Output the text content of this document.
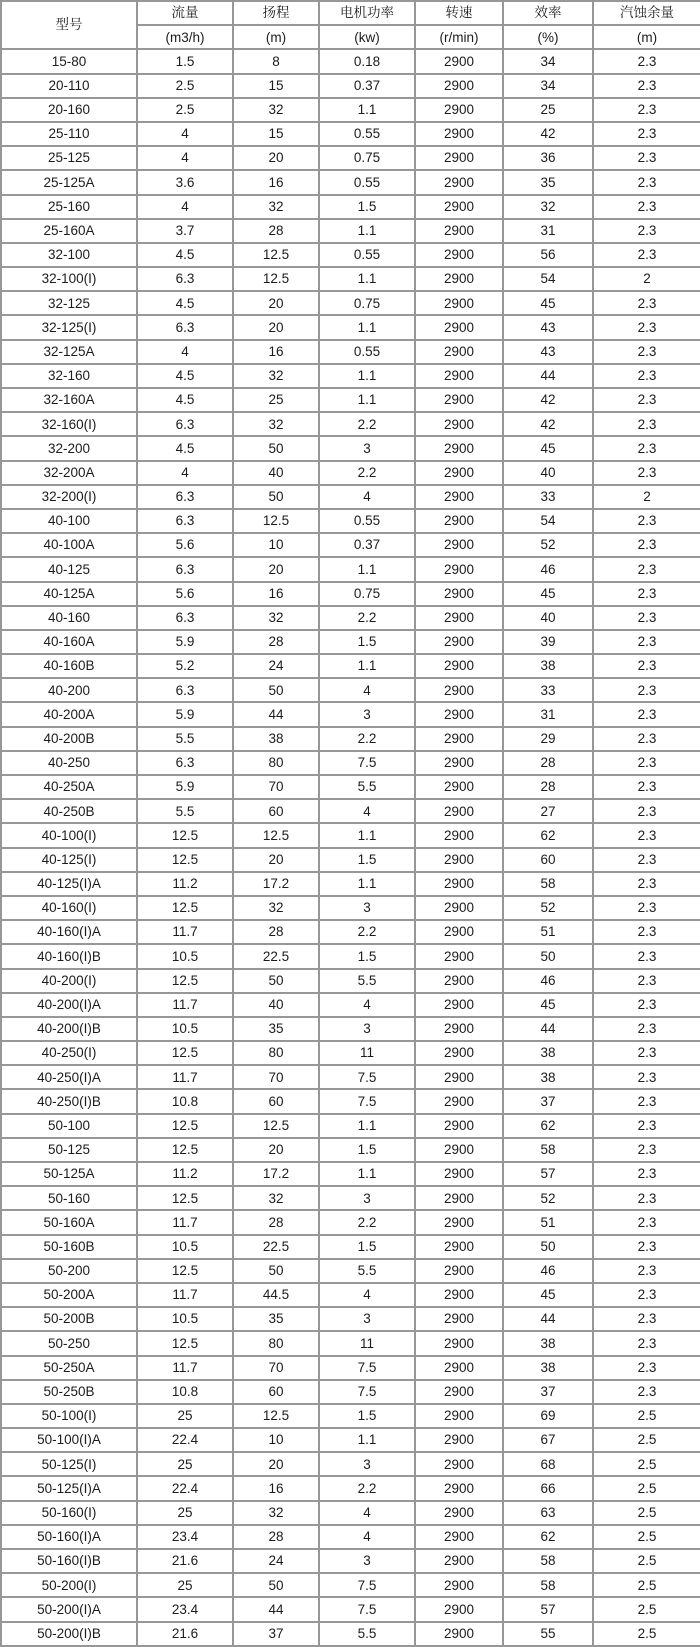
型号	流量	扬程	电机功率	转速	效率	汽蚀余量
	(m3/h)	(m)	(kw)	(r/min)	(%)	(m)
15-80	1.5	8	0.18	2900	34	2.3
20-110	2.5	15	0.37	2900	34	2.3
20-160	2.5	32	1.1	2900	25	2.3
25-110	4	15	0.55	2900	42	2.3
25-125	4	20	0.75	2900	36	2.3
25-125A	3.6	16	0.55	2900	35	2.3
25-160	4	32	1.5	2900	32	2.3
25-160A	3.7	28	1.1	2900	31	2.3
32-100	4.5	12.5	0.55	2900	56	2.3
32-100(I)	6.3	12.5	1.1	2900	54	2
32-125	4.5	20	0.75	2900	45	2.3
32-125(I)	6.3	20	1.1	2900	43	2.3
32-125A	4	16	0.55	2900	43	2.3
32-160	4.5	32	1.1	2900	44	2.3
32-160A	4.5	25	1.1	2900	42	2.3
32-160(I)	6.3	32	2.2	2900	42	2.3
32-200	4.5	50	3	2900	45	2.3
32-200A	4	40	2.2	2900	40	2.3
32-200(I)	6.3	50	4	2900	33	2
40-100	6.3	12.5	0.55	2900	54	2.3
40-100A	5.6	10	0.37	2900	52	2.3
40-125	6.3	20	1.1	2900	46	2.3
40-125A	5.6	16	0.75	2900	45	2.3
40-160	6.3	32	2.2	2900	40	2.3
40-160A	5.9	28	1.5	2900	39	2.3
40-160B	5.2	24	1.1	2900	38	2.3
40-200	6.3	50	4	2900	33	2.3
40-200A	5.9	44	3	2900	31	2.3
40-200B	5.5	38	2.2	2900	29	2.3
40-250	6.3	80	7.5	2900	28	2.3
40-250A	5.9	70	5.5	2900	28	2.3
40-250B	5.5	60	4	2900	27	2.3
40-100(I)	12.5	12.5	1.1	2900	62	2.3
40-125(I)	12.5	20	1.5	2900	60	2.3
40-125(I)A	11.2	17.2	1.1	2900	58	2.3
40-160(I)	12.5	32	3	2900	52	2.3
40-160(I)A	11.7	28	2.2	2900	51	2.3
40-160(I)B	10.5	22.5	1.5	2900	50	2.3
40-200(I)	12.5	50	5.5	2900	46	2.3
40-200(I)A	11.7	40	4	2900	45	2.3
40-200(I)B	10.5	35	3	2900	44	2.3
40-250(I)	12.5	80	11	2900	38	2.3
40-250(I)A	11.7	70	7.5	2900	38	2.3
40-250(I)B	10.8	60	7.5	2900	37	2.3
50-100	12.5	12.5	1.1	2900	62	2.3
50-125	12.5	20	1.5	2900	58	2.3
50-125A	11.2	17.2	1.1	2900	57	2.3
50-160	12.5	32	3	2900	52	2.3
50-160A	11.7	28	2.2	2900	51	2.3
50-160B	10.5	22.5	1.5	2900	50	2.3
50-200	12.5	50	5.5	2900	46	2.3
50-200A	11.7	44.5	4	2900	45	2.3
50-200B	10.5	35	3	2900	44	2.3
50-250	12.5	80	11	2900	38	2.3
50-250A	11.7	70	7.5	2900	38	2.3
50-250B	10.8	60	7.5	2900	37	2.3
50-100(I)	25	12.5	1.5	2900	69	2.5
50-100(I)A	22.4	10	1.1	2900	67	2.5
50-125(I)	25	20	3	2900	68	2.5
50-125(I)A	22.4	16	2.2	2900	66	2.5
50-160(I)	25	32	4	2900	63	2.5
50-160(I)A	23.4	28	4	2900	62	2.5
50-160(I)B	21.6	24	3	2900	58	2.5
50-200(I)	25	50	7.5	2900	58	2.5
50-200(I)A	23.4	44	7.5	2900	57	2.5
50-200(I)B	21.6	37	5.5	2900	55	2.5
